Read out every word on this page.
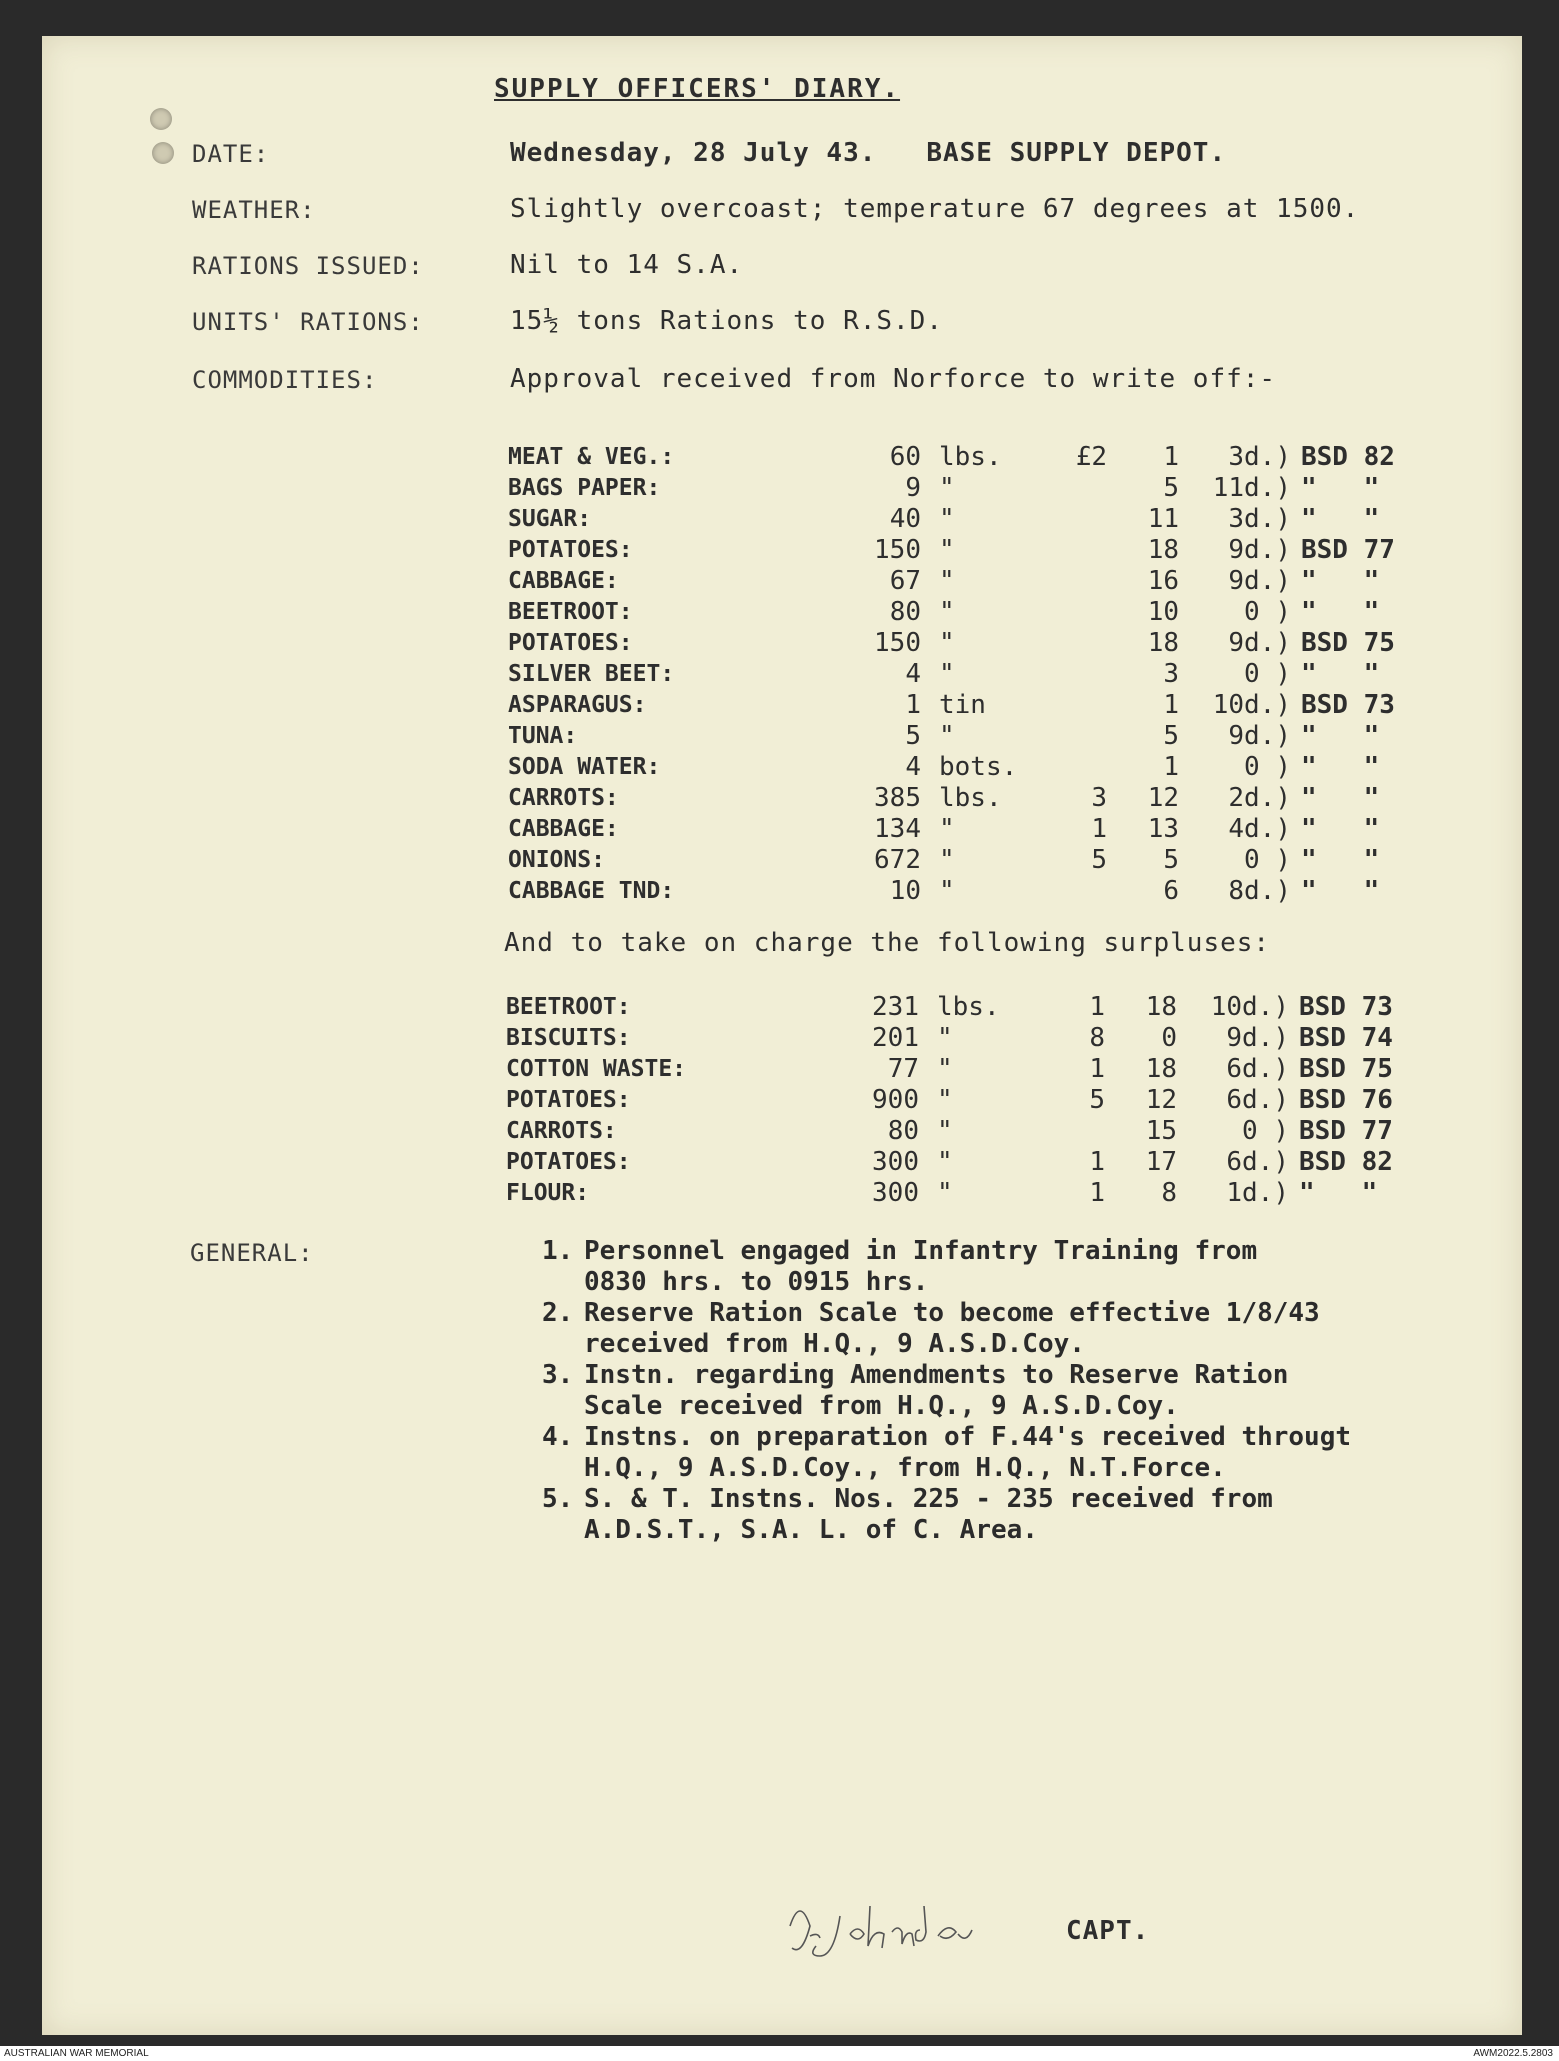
SUPPLY OFFICERS' DIARY.
DATE:	Wednesday, 28 July 43.   BASE SUPPLY DEPOT.
WEATHER:	Slightly overcoast; temperature 67 degrees at 1500.
RATIONS ISSUED:	Nil to 14 S.A.
UNITS' RATIONS:	15½ tons Rations to R.S.D.
COMMODITIES:	Approval received from Norforce to write off:-
MEAT & VEG.:	60	lbs.	£2	1	3d.)	BSD 82
BAGS PAPER:	9	"		5	11d.)	"   "
SUGAR:	40	"		11	3d.)	"   "
POTATOES:	150	"		18	9d.)	BSD 77
CABBAGE:	67	"		16	9d.)	"   "
BEETROOT:	80	"		10	0 )	"   "
POTATOES:	150	"		18	9d.)	BSD 75
SILVER BEET:	4	"		3	0 )	"   "
ASPARAGUS:	1	tin		1	10d.)	BSD 73
TUNA:	5	"		5	9d.)	"   "
SODA WATER:	4	bots.		1	0 )	"   "
CARROTS:	385	lbs.	3	12	2d.)	"   "
CABBAGE:	134	"	1	13	4d.)	"   "
ONIONS:	672	"	5	5	0 )	"   "
CABBAGE TND:	10	"		6	8d.)	"   "
And to take on charge the following surpluses:
BEETROOT:	231	lbs.	1	18	10d.)	BSD 73
BISCUITS:	201	"	8	0	9d.)	BSD 74
COTTON WASTE:	77	"	1	18	6d.)	BSD 75
POTATOES:	900	"	5	12	6d.)	BSD 76
CARROTS:	80	"		15	0 )	BSD 77
POTATOES:	300	"	1	17	6d.)	BSD 82
FLOUR:	300	"	1	8	1d.)	"   "
GENERAL:	1. Personnel engaged in Infantry Training from
0830 hrs. to 0915 hrs.
2. Reserve Ration Scale to become effective 1/8/43
received from H.Q., 9 A.S.D.Coy.
3. Instn. regarding Amendments to Reserve Ration
Scale received from H.Q., 9 A.S.D.Coy.
4. Instns. on preparation of F.44's received througt
H.Q., 9 A.S.D.Coy., from H.Q., N.T.Force.
5. S. & T. Instns. Nos. 225 - 235 received from
A.D.S.T., S.A. L. of C. Area.
CAPT.
AUSTRALIAN WAR MEMORIAL	AWM2022.5.2803
